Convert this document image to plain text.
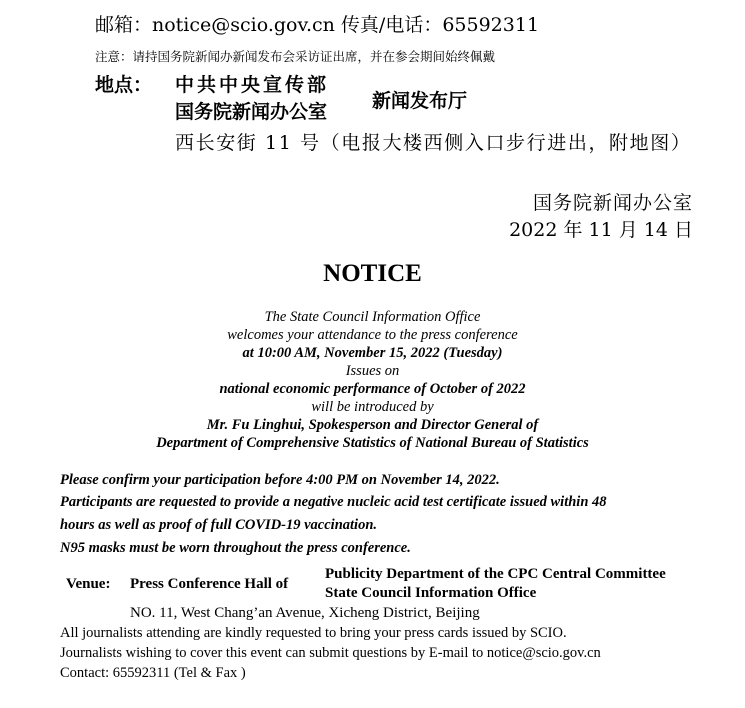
邮箱：notice@scio.gov.cn 传真/电话：65592311
注意：请持国务院新闻办新闻发布会采访证出席，并在参会期间始终佩戴
地点： 中共中央宣传部
国务院新闻办公室 新闻发布厅
西长安街 11 号（电报大楼西侧入口步行进出，附地图）
国务院新闻办公室
2022 年 11 月 14 日
NOTICE
The State Council Information Office
welcomes your attendance to the press conference
at 10:00 AM, November 15, 2022 (Tuesday)
Issues on
national economic performance of October of 2022
will be introduced by
Mr. Fu Linghui, Spokesperson and Director General of
Department of Comprehensive Statistics of National Bureau of Statistics
Please confirm your participation before 4:00 PM on November 14, 2022.
Participants are requested to provide a negative nucleic acid test certificate issued within 48
hours as well as proof of full COVID-19 vaccination.
N95 masks must be worn throughout the press conference.
Venue: Press Conference Hall of
Publicity Department of the CPC Central Committee
State Council Information Office
NO. 11, West Chang’an Avenue, Xicheng District, Beijing
All journalists attending are kindly requested to bring your press cards issued by SCIO.
Journalists wishing to cover this event can submit questions by E-mail to notice@scio.gov.cn
Contact: 65592311 (Tel & Fax )
